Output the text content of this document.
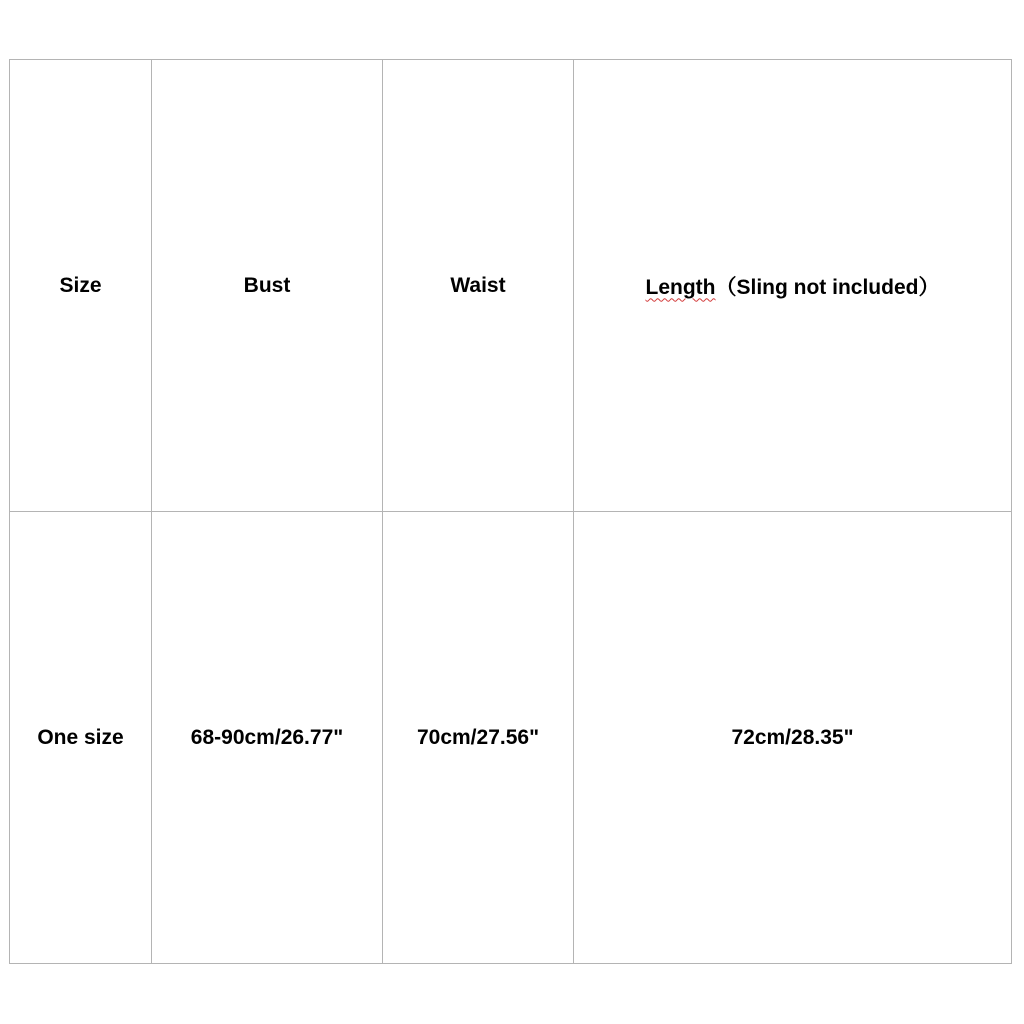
Size	Bust	Waist	Length（Sling not included）
One size	68-90cm/26.77"	70cm/27.56"	72cm/28.35"
